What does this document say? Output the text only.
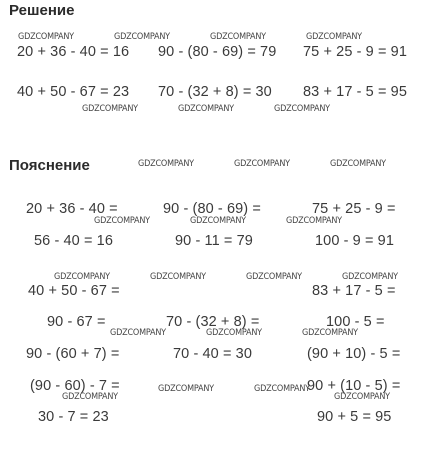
Решение
Пояснение
20 + 36 - 40 = 16 90 - (80 - 69) = 79 75 + 25 - 9 = 91
40 + 50 - 67 = 23 70 - (32 + 8) = 30 83 + 17 - 5 = 95
20 + 36 - 40 =
56 - 40 = 16
40 + 50 - 67 =
90 - 67 =
90 - (60 + 7) =
(90 - 60) - 7 =
30 - 7 = 23
90 - (80 - 69) =
90 - 11 = 79
70 - (32 + 8) =
70 - 40 = 30
75 + 25 - 9 =
100 - 9 = 91
83 + 17 - 5 =
100 - 5 =
(90 + 10) - 5 =
90 + (10 - 5) =
90 + 5 = 95
GDZCOMPANY	GDZCOMPANY	GDZCOMPANY	GDZCOMPANY
GDZCOMPANY	GDZCOMPANY	GDZCOMPANY
GDZCOMPANY	GDZCOMPANY	GDZCOMPANY
GDZCOMPANY	GDZCOMPANY	GDZCOMPANY
GDZCOMPANY	GDZCOMPANY	GDZCOMPANY	GDZCOMPANY
GDZCOMPANY	GDZCOMPANY	GDZCOMPANY
GDZCOMPANY	GDZCOMPANY
GDZCOMPANY	GDZCOMPANY
